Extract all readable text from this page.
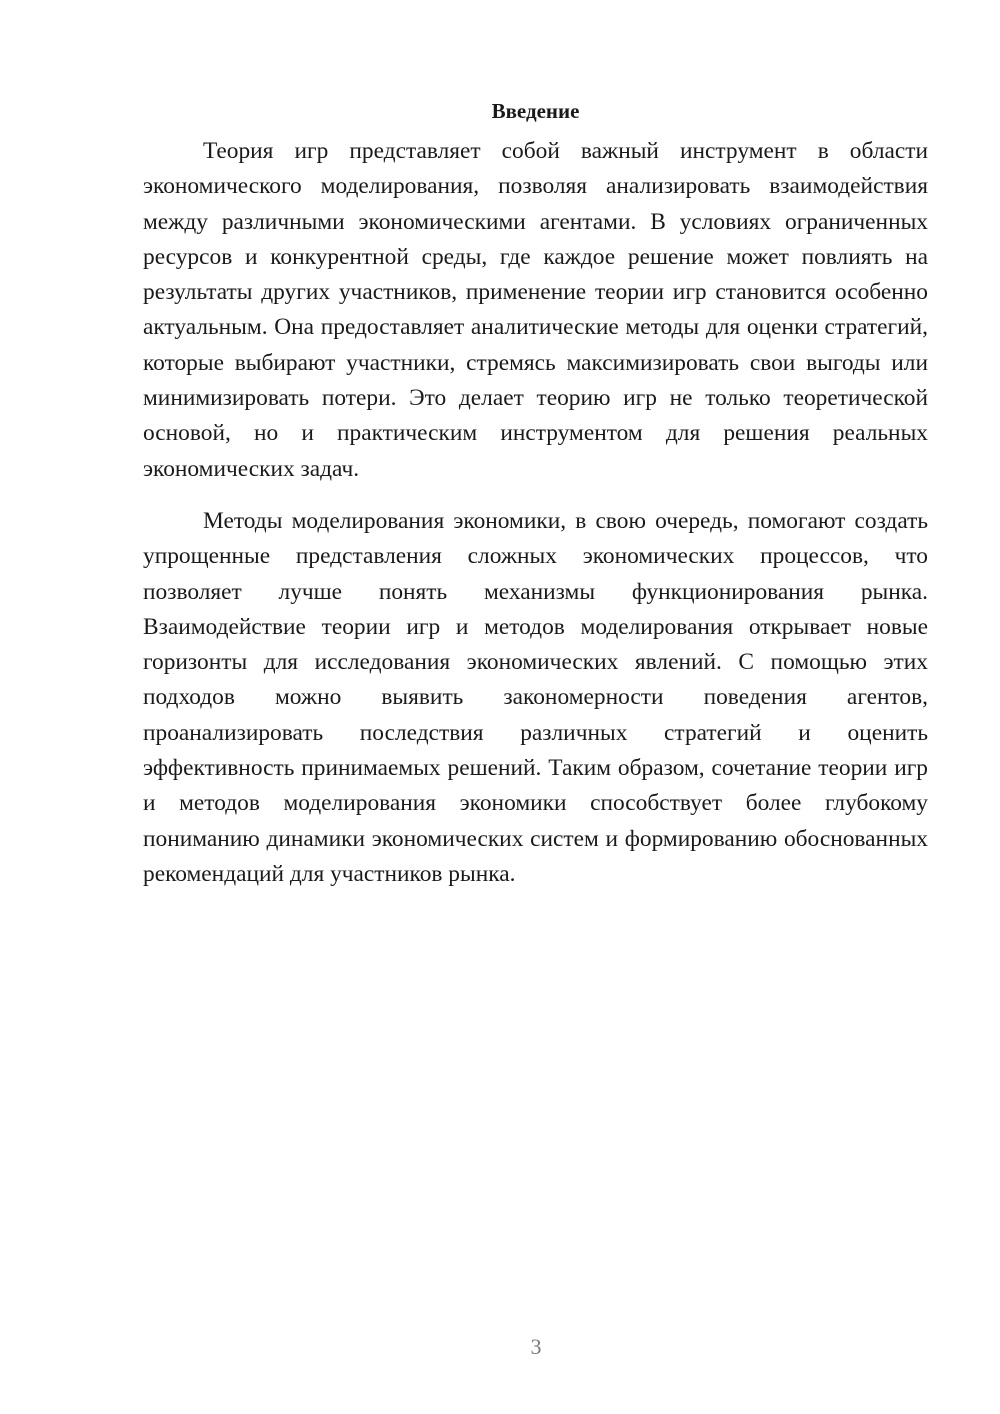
Введение

Теория игр представляет собой важный инструмент в области экономического моделирования, позволяя анализировать взаимодействия между различными экономическими агентами. В условиях ограниченных ресурсов и конкурентной среды, где каждое решение может повлиять на результаты других участников, применение теории игр становится особенно актуальным. Она предоставляет аналитические методы для оценки стратегий, которые выбирают участники, стремясь максимизировать свои выгоды или минимизировать потери. Это делает теорию игр не только теоретической основой, но и практическим инструментом для решения реальных экономических задач.

Методы моделирования экономики, в свою очередь, помогают создать упрощенные представления сложных экономических процессов, что позволяет лучше понять механизмы функционирования рынка. Взаимодействие теории игр и методов моделирования открывает новые горизонты для исследования экономических явлений. С помощью этих подходов можно выявить закономерности поведения агентов, проанализировать последствия различных стратегий и оценить эффективность принимаемых решений. Таким образом, сочетание теории игр и методов моделирования экономики способствует более глубокому пониманию динамики экономических систем и формированию обоснованных рекомендаций для участников рынка.

3
